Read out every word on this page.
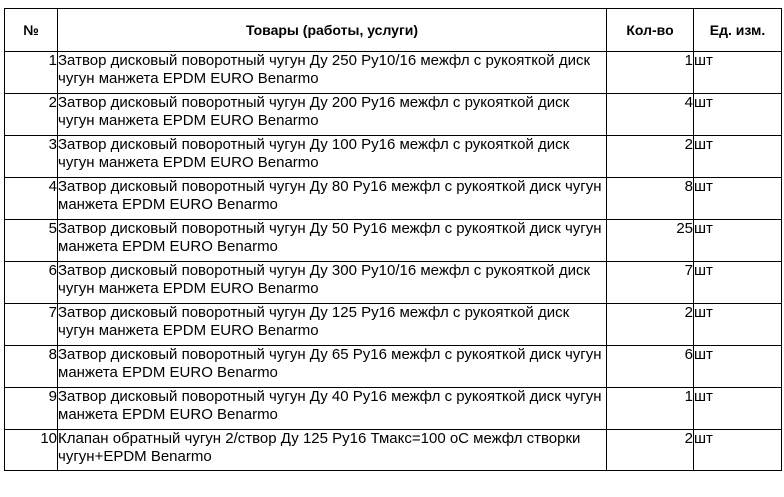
№	Товары (работы, услуги)	Кол-во	Ед. изм.
1	Затвор дисковый поворотный чугун Ду 250 Ру10/16 межфл с рукояткой диск чугун манжета EPDM EURO Benarmo	1	шт
2	Затвор дисковый поворотный чугун Ду 200 Ру16 межфл с рукояткой диск чугун манжета EPDM EURO Benarmo	4	шт
3	Затвор дисковый поворотный чугун Ду 100 Ру16 межфл с рукояткой диск чугун манжета EPDM EURO Benarmo	2	шт
4	Затвор дисковый поворотный чугун Ду 80 Ру16 межфл с рукояткой диск чугун манжета EPDM EURO Benarmo	8	шт
5	Затвор дисковый поворотный чугун Ду 50 Ру16 межфл с рукояткой диск чугун манжета EPDM EURO Benarmo	25	шт
6	Затвор дисковый поворотный чугун Ду 300 Ру10/16 межфл с рукояткой диск чугун манжета EPDM EURO Benarmo	7	шт
7	Затвор дисковый поворотный чугун Ду 125 Ру16 межфл с рукояткой диск чугун манжета EPDM EURO Benarmo	2	шт
8	Затвор дисковый поворотный чугун Ду 65 Ру16 межфл с рукояткой диск чугун манжета EPDM EURO Benarmo	6	шт
9	Затвор дисковый поворотный чугун Ду 40 Ру16 межфл с рукояткой диск чугун манжета EPDM EURO Benarmo	1	шт
10	Клапан обратный чугун 2/створ Ду 125 Ру16 Тмакс=100 оС межфл створки чугун+EPDM Benarmo	2	шт
